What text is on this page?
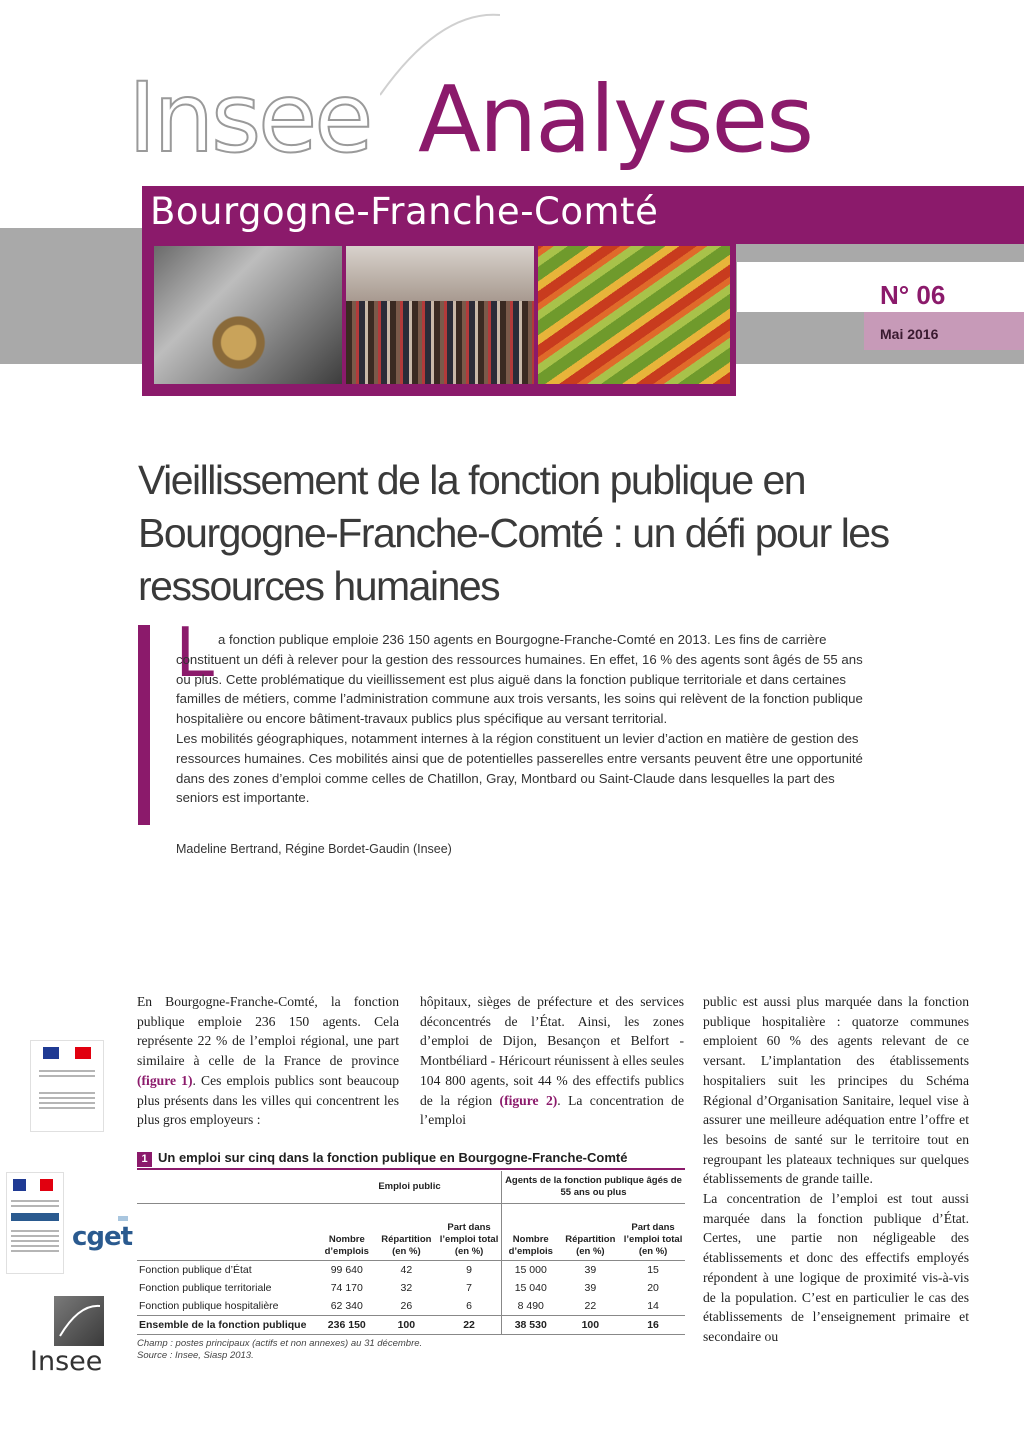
Insee Analyses
Bourgogne-Franche-Comté
N° 06
Mai 2016
Vieillissement de la fonction publique en Bourgogne-Franche-Comté : un défi pour les ressources humaines
L a fonction publique emploie 236 150 agents en Bourgogne-Franche-Comté en 2013. Les fins de carrière constituent un défi à relever pour la gestion des ressources humaines. En effet, 16 % des agents sont âgés de 55 ans ou plus. Cette problématique du vieillissement est plus aiguë dans la fonction publique territoriale et dans certaines familles de métiers, comme l’administration commune aux trois versants, les soins qui relèvent de la fonction publique hospitalière ou encore bâtiment-travaux publics plus spécifique au versant territorial.
Les mobilités géographiques, notamment internes à la région constituent un levier d’action en matière de gestion des ressources humaines. Ces mobilités ainsi que de potentielles passerelles entre versants peuvent être une opportunité dans des zones d’emploi comme celles de Chatillon, Gray, Montbard ou Saint-Claude dans lesquelles la part des seniors est importante.

Madeline Bertrand, Régine Bordet-Gaudin (Insee)

En Bourgogne-Franche-Comté, la fonction publique emploie 236 150 agents. Cela représente 22 % de l’emploi régional, une part similaire à celle de la France de province (figure 1). Ces emplois publics sont beaucoup plus présents dans les villes qui concentrent les plus gros employeurs :

hôpitaux, sièges de préfecture et des services déconcentrés de l’État. Ainsi, les zones d’emploi de Dijon, Besançon et Belfort - Montbéliard - Héricourt réunissent à elles seules 104 800 agents, soit 44 % des effectifs publics de la région (figure 2). La concentration de l’emploi

public est aussi plus marquée dans la fonction publique hospitalière : quatorze communes emploient 60 % des agents relevant de ce versant. L’implantation des établissements hospitaliers suit les principes du Schéma Régional d’Organisation Sanitaire, lequel vise à assurer une meilleure adéquation entre l’offre et les besoins de santé sur le territoire tout en regroupant les plateaux techniques sur quelques établissements de grande taille.
La concentration de l’emploi est tout aussi marquée dans la fonction publique d’État. Certes, une partie non négligeable des établissements et donc des effectifs employés répondent à une logique de proximité vis-à-vis de la population. C’est en particulier le cas des établissements de l’enseignement primaire et secondaire ou
1 Un emploi sur cinq dans la fonction publique en Bourgogne-Franche-Comté
	Emploi public			Agents de la fonction publique âgés de 55 ans ou plus		
	Nombre d’emplois	Répartition (en %)	Part dans l’emploi total (en %)	Nombre d’emplois	Répartition (en %)	Part dans l’emploi total (en %)
Fonction publique d’État	99 640	42	9	15 000	39	15
Fonction publique territoriale	74 170	32	7	15 040	39	20
Fonction publique hospitalière	62 340	26	6	8 490	22	14
Ensemble de la fonction publique	236 150	100	22	38 530	100	16
Champ : postes principaux (actifs et non annexes) au 31 décembre.
Source : Insee, Siasp 2013.
cget
Insee
